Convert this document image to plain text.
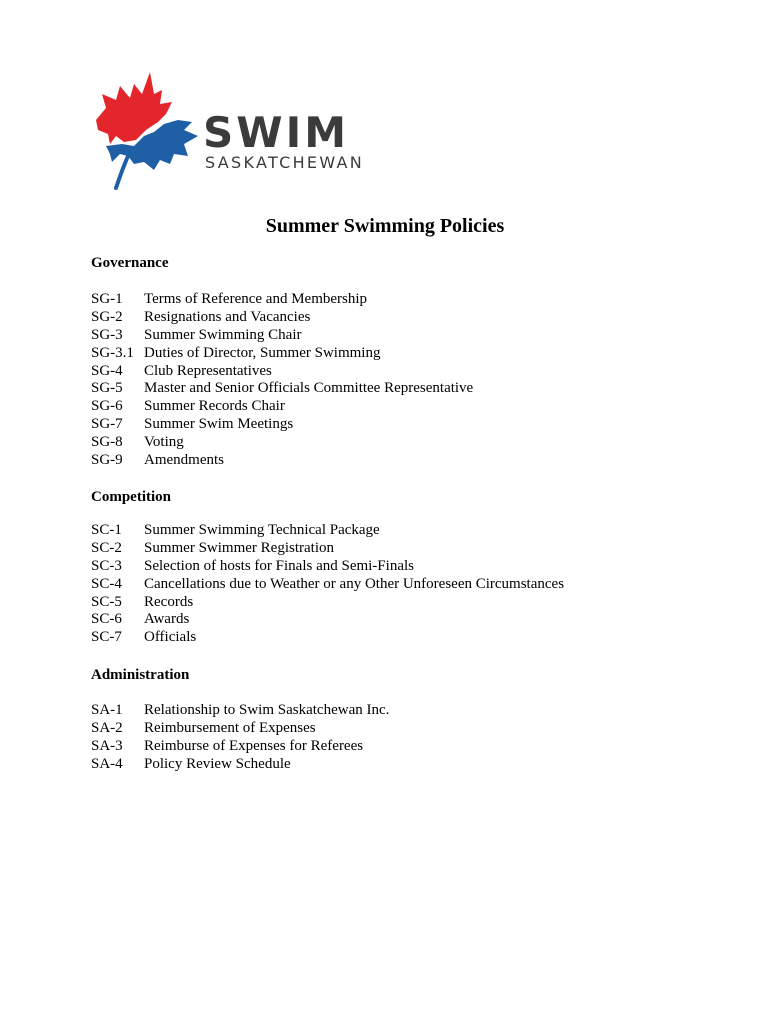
SWIM
SASKATCHEWAN
Summer Swimming Policies
Governance
SG-1 Terms of Reference and Membership
SG-2 Resignations and Vacancies
SG-3 Summer Swimming Chair
SG-3.1 Duties of Director, Summer Swimming
SG-4 Club Representatives
SG-5 Master and Senior Officials Committee Representative
SG-6 Summer Records Chair
SG-7 Summer Swim Meetings
SG-8 Voting
SG-9 Amendments
Competition
SC-1 Summer Swimming Technical Package
SC-2 Summer Swimmer Registration
SC-3 Selection of hosts for Finals and Semi-Finals
SC-4 Cancellations due to Weather or any Other Unforeseen Circumstances
SC-5 Records
SC-6 Awards
SC-7 Officials
Administration
SA-1 Relationship to Swim Saskatchewan Inc.
SA-2 Reimbursement of Expenses
SA-3 Reimburse of Expenses for Referees
SA-4 Policy Review Schedule
